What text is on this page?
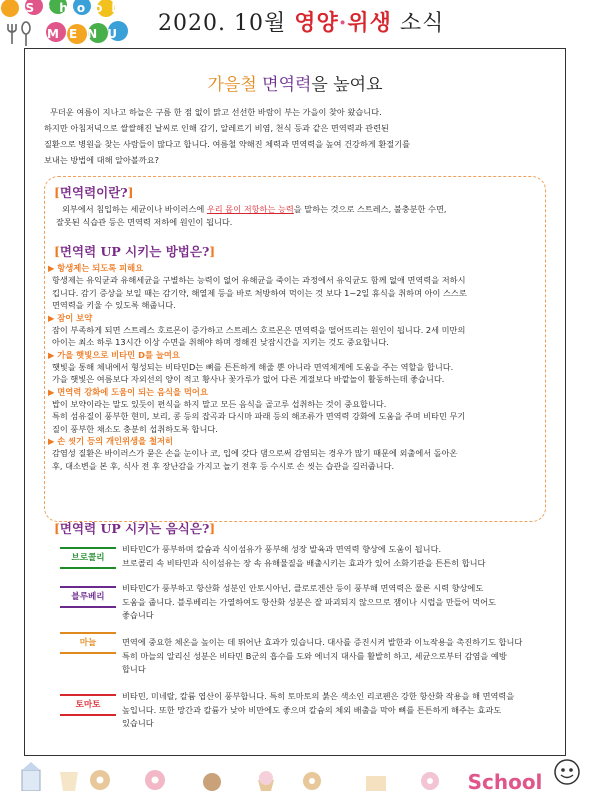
School
MENU 2020. 10월 영양·위생 소식
가을철 면역력을 높여요

무더운 여름이 지나고 하늘은 구름 한 점 없이 맑고 선선한 바람이 부는 가을이 찾아 왔습니다.

하지만 아침저녁으로 쌀쌀해진 날씨로 인해 감기, 알레르기 비염, 천식 등과 같은 면역력과 관련된

질환으로 병원을 찾는 사람들이 많다고 합니다. 여름철 약해진 체력과 면역력을 높여 건강하게 환절기를

보내는 방법에 대해 알아볼까요?

[면역력이란?]
외부에서 침입하는 세균이나 바이러스에 우리 몸이 저항하는 능력을 말하는 것으로 스트레스, 불충분한 수면,
잘못된 식습관 등은 면역력 저하에 원인이 됩니다.
[면역력 UP 시키는 방법은?]
▶ 항생제는 되도록 피해요
항생제는 유익균과 유해세균을 구별하는 능력이 없어 유해균을 죽이는 과정에서 유익균도 함께 없애 면역력을 저하시
킵니다. 감기 증상을 보일 때는 감기약, 해열제 등을 바로 처방하여 먹이는 것 보다 1~2일 휴식을 취하며 아이 스스로
면역력을 키울 수 있도록 해줍니다.
▶ 잠이 보약
잠이 부족하게 되면 스트레스 호르몬이 증가하고 스트레스 호르몬은 면역력을 떨어뜨리는 원인이 됩니다. 2세 미만의
아이는 최소 하루 13시간 이상 수면을 취해야 하며 정해진 낮잠시간을 지키는 것도 중요합니다.
▶ 가을 햇빛으로 비타민 D를 늘여요
햇빛을 통해 체내에서 형성되는 비타민D는 뼈를 튼튼하게 해줄 뿐 아니라 면역체계에 도움을 주는 역할을 합니다.
가을 햇빛은 여름보다 자외선의 양이 적고 황사나 꽃가루가 없어 다른 계절보다 바깥놀이 활동하는데 좋습니다.
▶ 면역력 강화에 도움이 되는 음식을 먹어요
밥이 보약이라는 말도 있듯이 편식을 하지 말고 모든 음식을 골고루 섭취하는 것이 중요합니다.
특히 섬유질이 풍부한 현미, 보리, 콩 등의 잡곡과 다시마 파래 등의 해조류가 면역력 강화에 도움을 주며 비타민 무기
질이 풍부한 채소도 충분히 섭취하도록 합니다.
▶ 손 씻기 등의 개인위생을 철저히
감염성 질환은 바이러스가 묻은 손을 눈이나 코, 입에 갖다 댐으로써 감염되는 경우가 많기 때문에 외출에서 돌아온
후, 대소변을 본 후, 식사 전 후 장난감을 가지고 놀기 전후 등 수시로 손 씻는 습관을 길러줍니다.
[면역력 UP 시키는 음식은?]
브로콜리
비타민C가 풍부하며 칼슘과 식이섬유가 풍부해 성장 발육과 면역력 향상에 도움이 됩니다.
브로콜리 속 비타민과 식이섬유는 장 속 유해물질을 배출시키는 효과가 있어 소화기관을 튼튼히 합니다
블루베리
비타민C가 풍부하고 항산화 성분인 안토시아닌, 클로로겐산 등이 풍부해 면역력은 물론 시력 향상에도
도움을 줍니다. 블루베리는 가열하여도 항산화 성분은 잘 파괴되지 않으므로 잼이나 시럽을 만들어 먹어도
좋습니다
마늘	면역에 중요한 체온을 높이는 데 뛰어난 효과가 있습니다. 대사를 증진시켜 발한과 이뇨작용을 촉진하기도 합니다
특히 마늘의 알리신 성분은 비타민 B군의 흡수를 도와 에너지 대사를 활발히 하고, 세균으로부터 감염을 예방
합니다
토마토
비타민, 미네랄, 칼륨 엽산이 풍부합니다. 특히 토마토의 붉은 색소인 리코펜은 강한 항산화 작용을 해 면역력을
높입니다. 또한 망간과 칼륨가 낮아 비만에도 좋으며 칼슘의 체외 배출을 막아 뼈를 튼튼하게 해주는 효과도
있습니다
School
